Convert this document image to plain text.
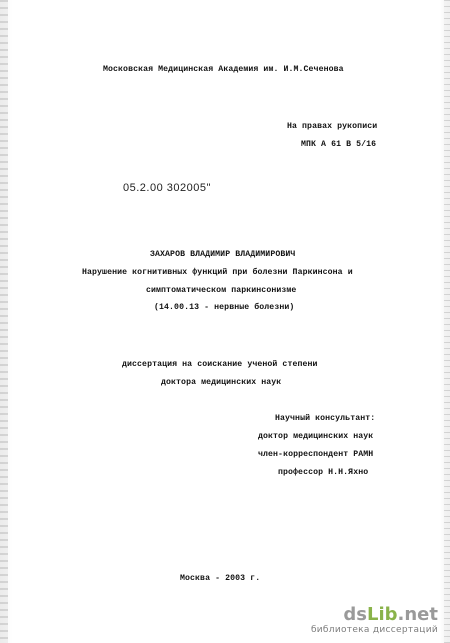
Московская Медицинская Академия им. И.М.Сеченова
На правах рукописи
МПК А 61 В 5/16
05.2.00 302005"
ЗАХАРОВ ВЛАДИМИР ВЛАДИМИРОВИЧ
Нарушение когнитивных функций при болезни Паркинсона и
симптоматическом паркинсонизме
(14.00.13 - нервные болезни)
диссертация на соискание ученой степени
доктора медицинских наук
Научный консультант:
доктор медицинских наук
член-корреспондент РАМН
профессор Н.Н.Яхно
Москва - 2003 г.
dsLib.net
библиотека диссертаций
